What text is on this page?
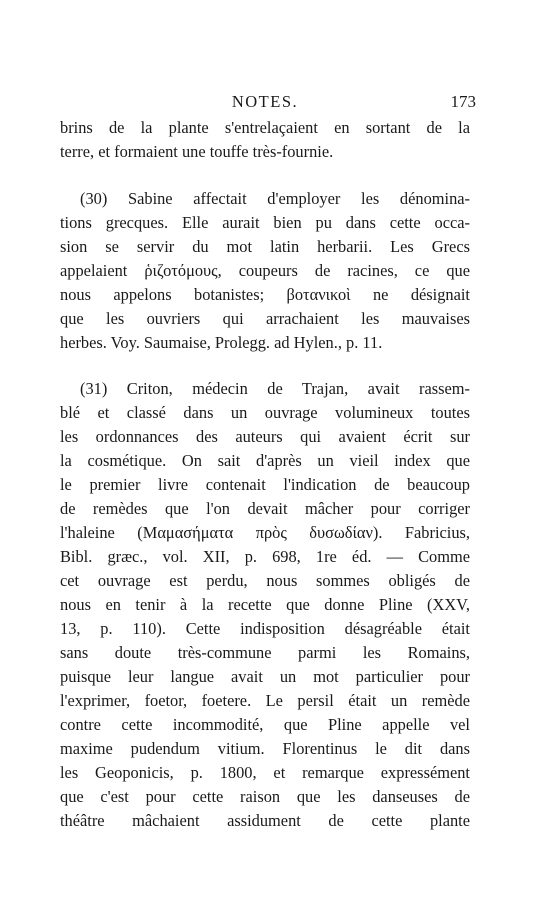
NOTES.	173
brins de la plante s'entrelaçaient en sortant de la
terre, et formaient une touffe très-fournie.
(30) Sabine affectait d'employer les dénomina-
tions grecques. Elle aurait bien pu dans cette occa-
sion se servir du mot latin herbarii. Les Grecs
appelaient ῥιζοτόμους, coupeurs de racines, ce que
nous appelons botanistes; βοτανικοὶ ne désignait
que les ouvriers qui arrachaient les mauvaises
herbes. Voy. Saumaise, Prolegg. ad Hylen., p. 11.
(31) Criton, médecin de Trajan, avait rassem-
blé et classé dans un ouvrage volumineux toutes
les ordonnances des auteurs qui avaient écrit sur
la cosmétique. On sait d'après un vieil index que
le premier livre contenait l'indication de beaucoup
de remèdes que l'on devait mâcher pour corriger
l'haleine (Μαμασήματα πρὸς δυσωδίαν). Fabricius,
Bibl. græc., vol. XII, p. 698, 1re éd. — Comme
cet ouvrage est perdu, nous sommes obligés de
nous en tenir à la recette que donne Pline (XXV,
13, p. 110). Cette indisposition désagréable était
sans doute très-commune parmi les Romains,
puisque leur langue avait un mot particulier pour
l'exprimer, foetor, foetere. Le persil était un remède
contre cette incommodité, que Pline appelle vel
maxime pudendum vitium. Florentinus le dit dans
les Geoponicis, p. 1800, et remarque expressément
que c'est pour cette raison que les danseuses de
théâtre mâchaient assidument de cette plante
